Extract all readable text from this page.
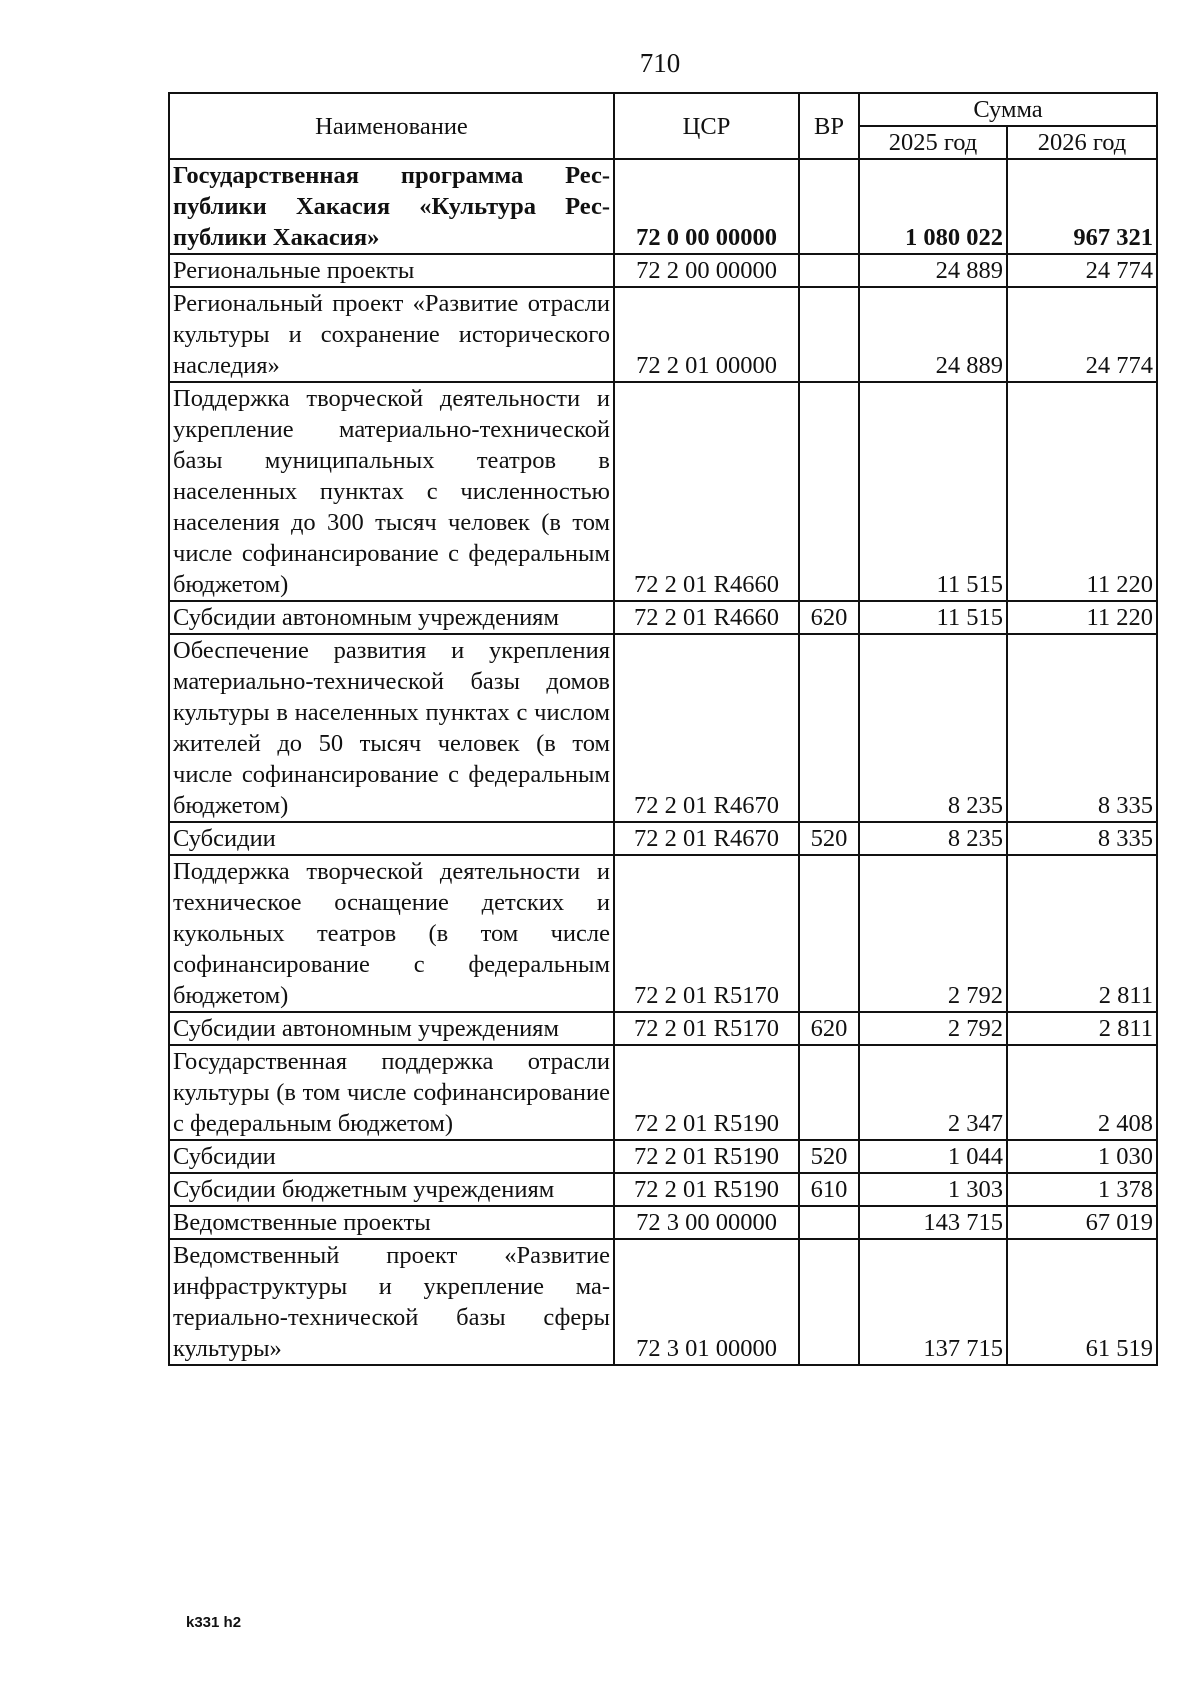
710
Наименование	ЦСР	ВР	Сумма	
			2025 год	2026 год
Государственная программа Республики Хакасия «Культура Республики Хакасия»	72 0 00 00000		1 080 022	967 321
Региональные проекты	72 2 00 00000		24 889	24 774
Региональный проект «Развитие отрасли культуры и сохранение исторического наследия»	72 2 01 00000		24 889	24 774
Поддержка творческой деятельности и укрепление материально-технической базы муниципальных театров в населенных пунктах с численностью населения до 300 тысяч человек (в том числе софинансирование с федеральным бюджетом)	72 2 01 R4660		11 515	11 220
Субсидии автономным учреждениям	72 2 01 R4660	620	11 515	11 220
Обеспечение развития и укрепления материально-технической базы домов культуры в населенных пунктах с числом жителей до 50 тысяч человек (в том числе софинансирование с федеральным бюджетом)	72 2 01 R4670		8 235	8 335
Субсидии	72 2 01 R4670	520	8 235	8 335
Поддержка творческой деятельности и техническое оснащение детских и кукольных театров (в том числе софинансирование с федеральным бюджетом)	72 2 01 R5170		2 792	2 811
Субсидии автономным учреждениям	72 2 01 R5170	620	2 792	2 811
Государственная поддержка отрасли культуры (в том числе софинансирование с федеральным бюджетом)	72 2 01 R5190		2 347	2 408
Субсидии	72 2 01 R5190	520	1 044	1 030
Субсидии бюджетным учреждениям	72 2 01 R5190	610	1 303	1 378
Ведомственные проекты	72 3 00 00000		143 715	67 019
Ведомственный проект «Развитие инфраструктуры и укрепление материально-технической базы сферы культуры»	72 3 01 00000		137 715	61 519
k331 h2
